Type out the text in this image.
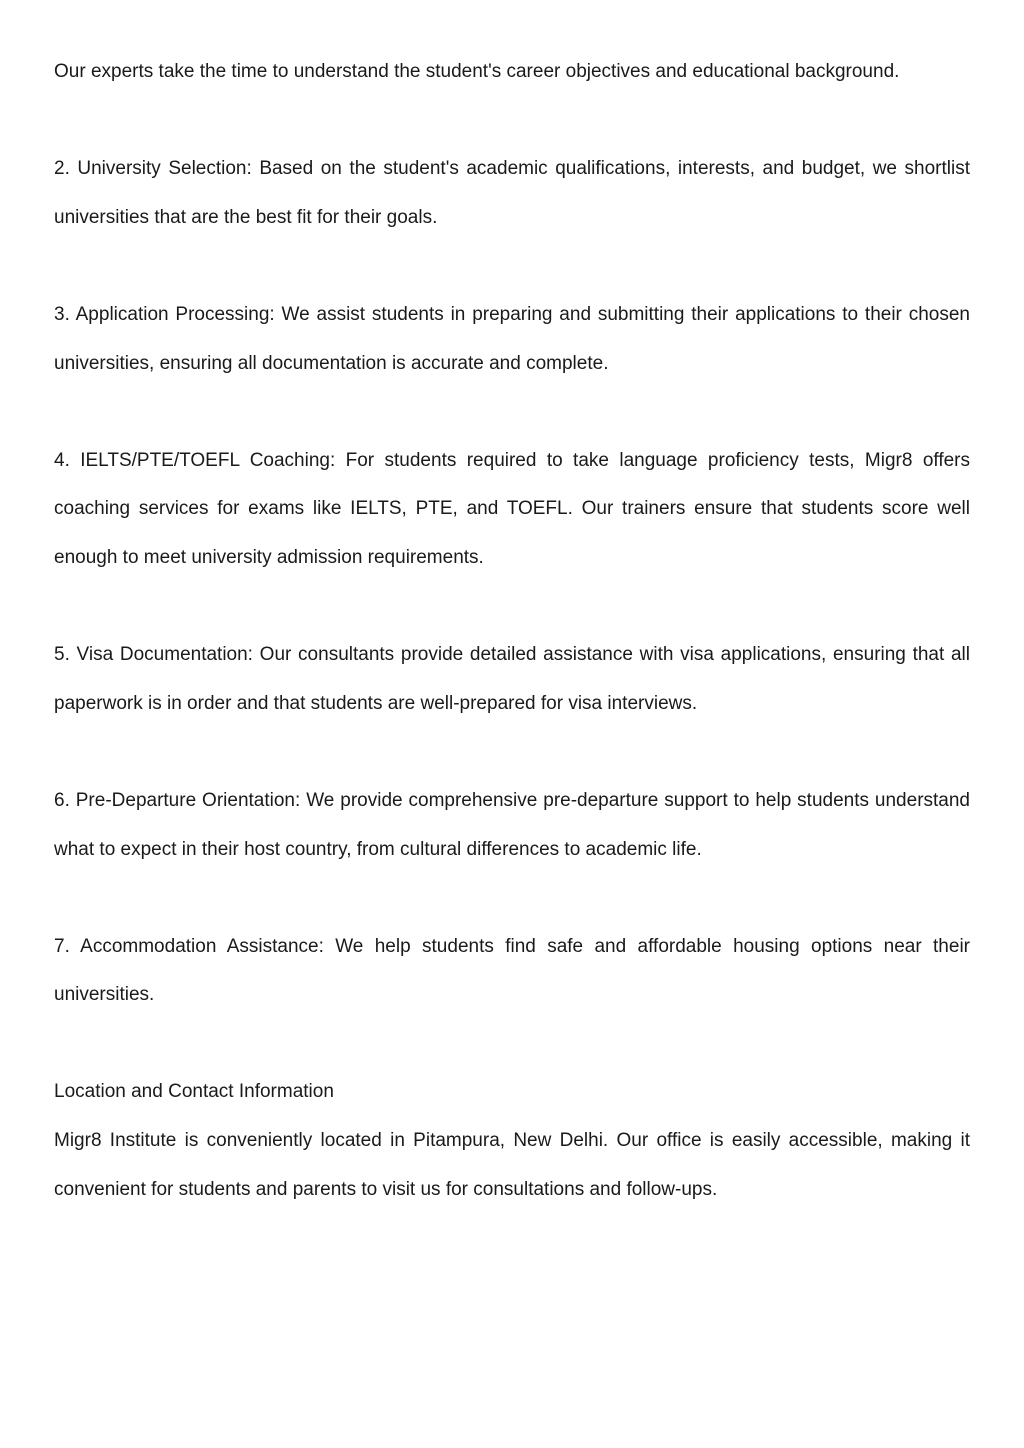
Our experts take the time to understand the student's career objectives and educational background.

2. University Selection: Based on the student's academic qualifications, interests, and budget, we shortlist universities that are the best fit for their goals.

3. Application Processing: We assist students in preparing and submitting their applications to their chosen universities, ensuring all documentation is accurate and complete.

4. IELTS/PTE/TOEFL Coaching: For students required to take language proficiency tests, Migr8 offers coaching services for exams like IELTS, PTE, and TOEFL. Our trainers ensure that students score well enough to meet university admission requirements.

5. Visa Documentation: Our consultants provide detailed assistance with visa applications, ensuring that all paperwork is in order and that students are well-prepared for visa interviews.

6. Pre-Departure Orientation: We provide comprehensive pre-departure support to help students understand what to expect in their host country, from cultural differences to academic life.

7. Accommodation Assistance: We help students find safe and affordable housing options near their universities.

Location and Contact Information

Migr8 Institute is conveniently located in Pitampura, New Delhi. Our office is easily accessible, making it convenient for students and parents to visit us for consultations and follow-ups.
